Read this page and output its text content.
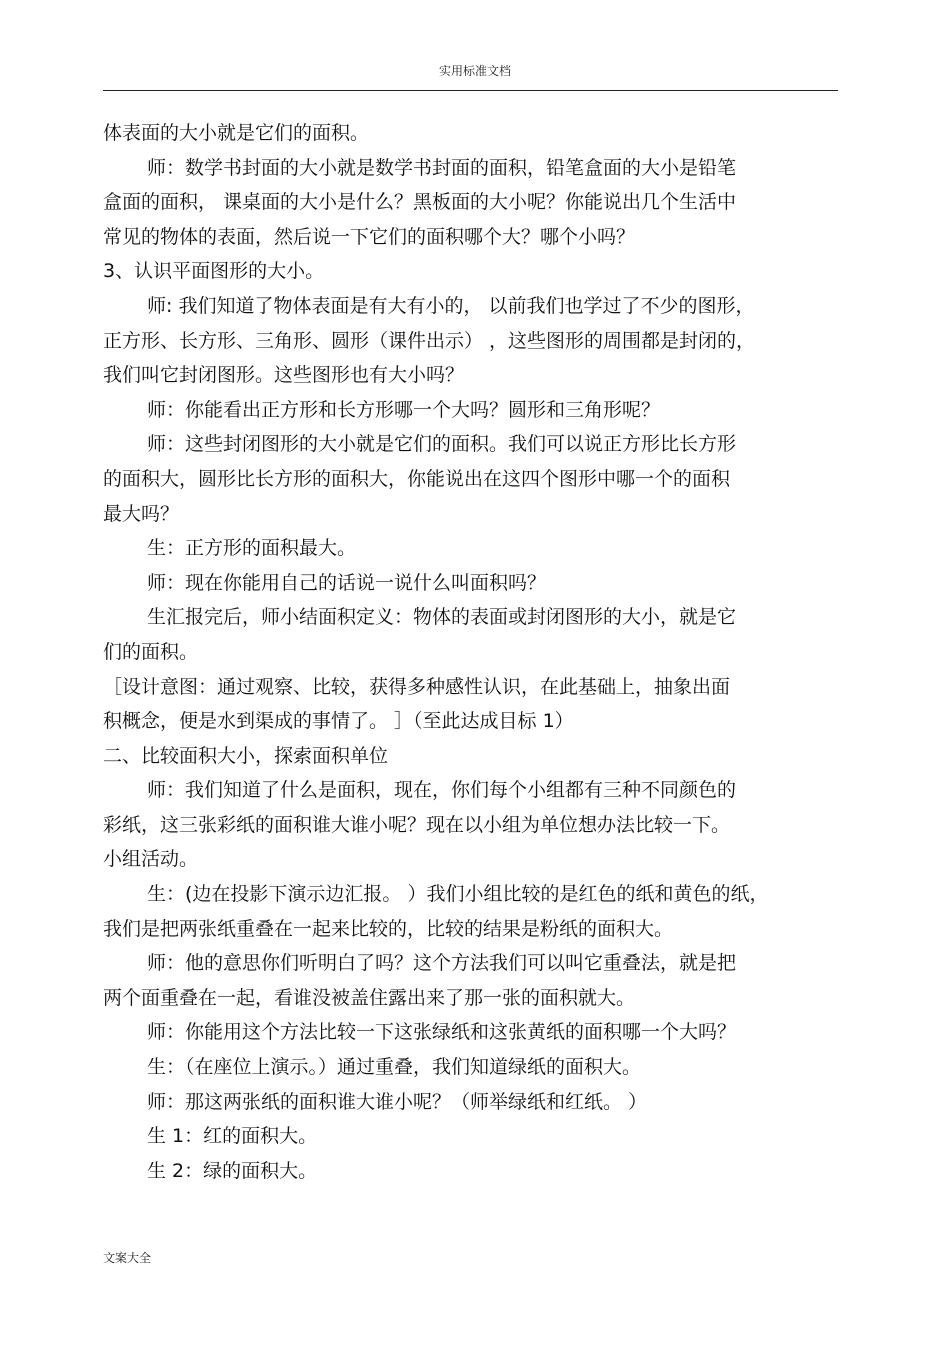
实用标准文档
体表面的大小就是它们的面积。
师：数学书封面的大小就是数学书封面的面积，铅笔盒面的大小是铅笔
盒面的面积， 课桌面的大小是什么？黑板面的大小呢？你能说出几个生活中
常见的物体的表面，然后说一下它们的面积哪个大？哪个小吗？
3、认识平面图形的大小。
师: 我们知道了物体表面是有大有小的， 以前我们也学过了不少的图形，
正方形、长方形、三角形、圆形（课件出示） ，这些图形的周围都是封闭的，
我们叫它封闭图形。这些图形也有大小吗？
师：你能看出正方形和长方形哪一个大吗？圆形和三角形呢？
师：这些封闭图形的大小就是它们的面积。我们可以说正方形比长方形
的面积大，圆形比长方形的面积大，你能说出在这四个图形中哪一个的面积
最大吗？
生：正方形的面积最大。
师：现在你能用自己的话说一说什么叫面积吗？
生汇报完后，师小结面积定义：物体的表面或封闭图形的大小，就是它
们的面积。
［设计意图：通过观察、比较，获得多种感性认识，在此基础上，抽象出面
积概念，便是水到渠成的事情了。 ］（至此达成目标 1）
二、比较面积大小，探索面积单位
师：我们知道了什么是面积，现在，你们每个小组都有三种不同颜色的
彩纸，这三张彩纸的面积谁大谁小呢？现在以小组为单位想办法比较一下。
小组活动。
生：(边在投影下演示边汇报。 ）我们小组比较的是红色的纸和黄色的纸，
我们是把两张纸重叠在一起来比较的，比较的结果是粉纸的面积大。
师：他的意思你们听明白了吗？这个方法我们可以叫它重叠法，就是把
两个面重叠在一起，看谁没被盖住露出来了那一张的面积就大。
师：你能用这个方法比较一下这张绿纸和这张黄纸的面积哪一个大吗？
生：（在座位上演示。）通过重叠，我们知道绿纸的面积大。
师：那这两张纸的面积谁大谁小呢？（师举绿纸和红纸。 ）
生 1：红的面积大。
生 2：绿的面积大。
文案大全
